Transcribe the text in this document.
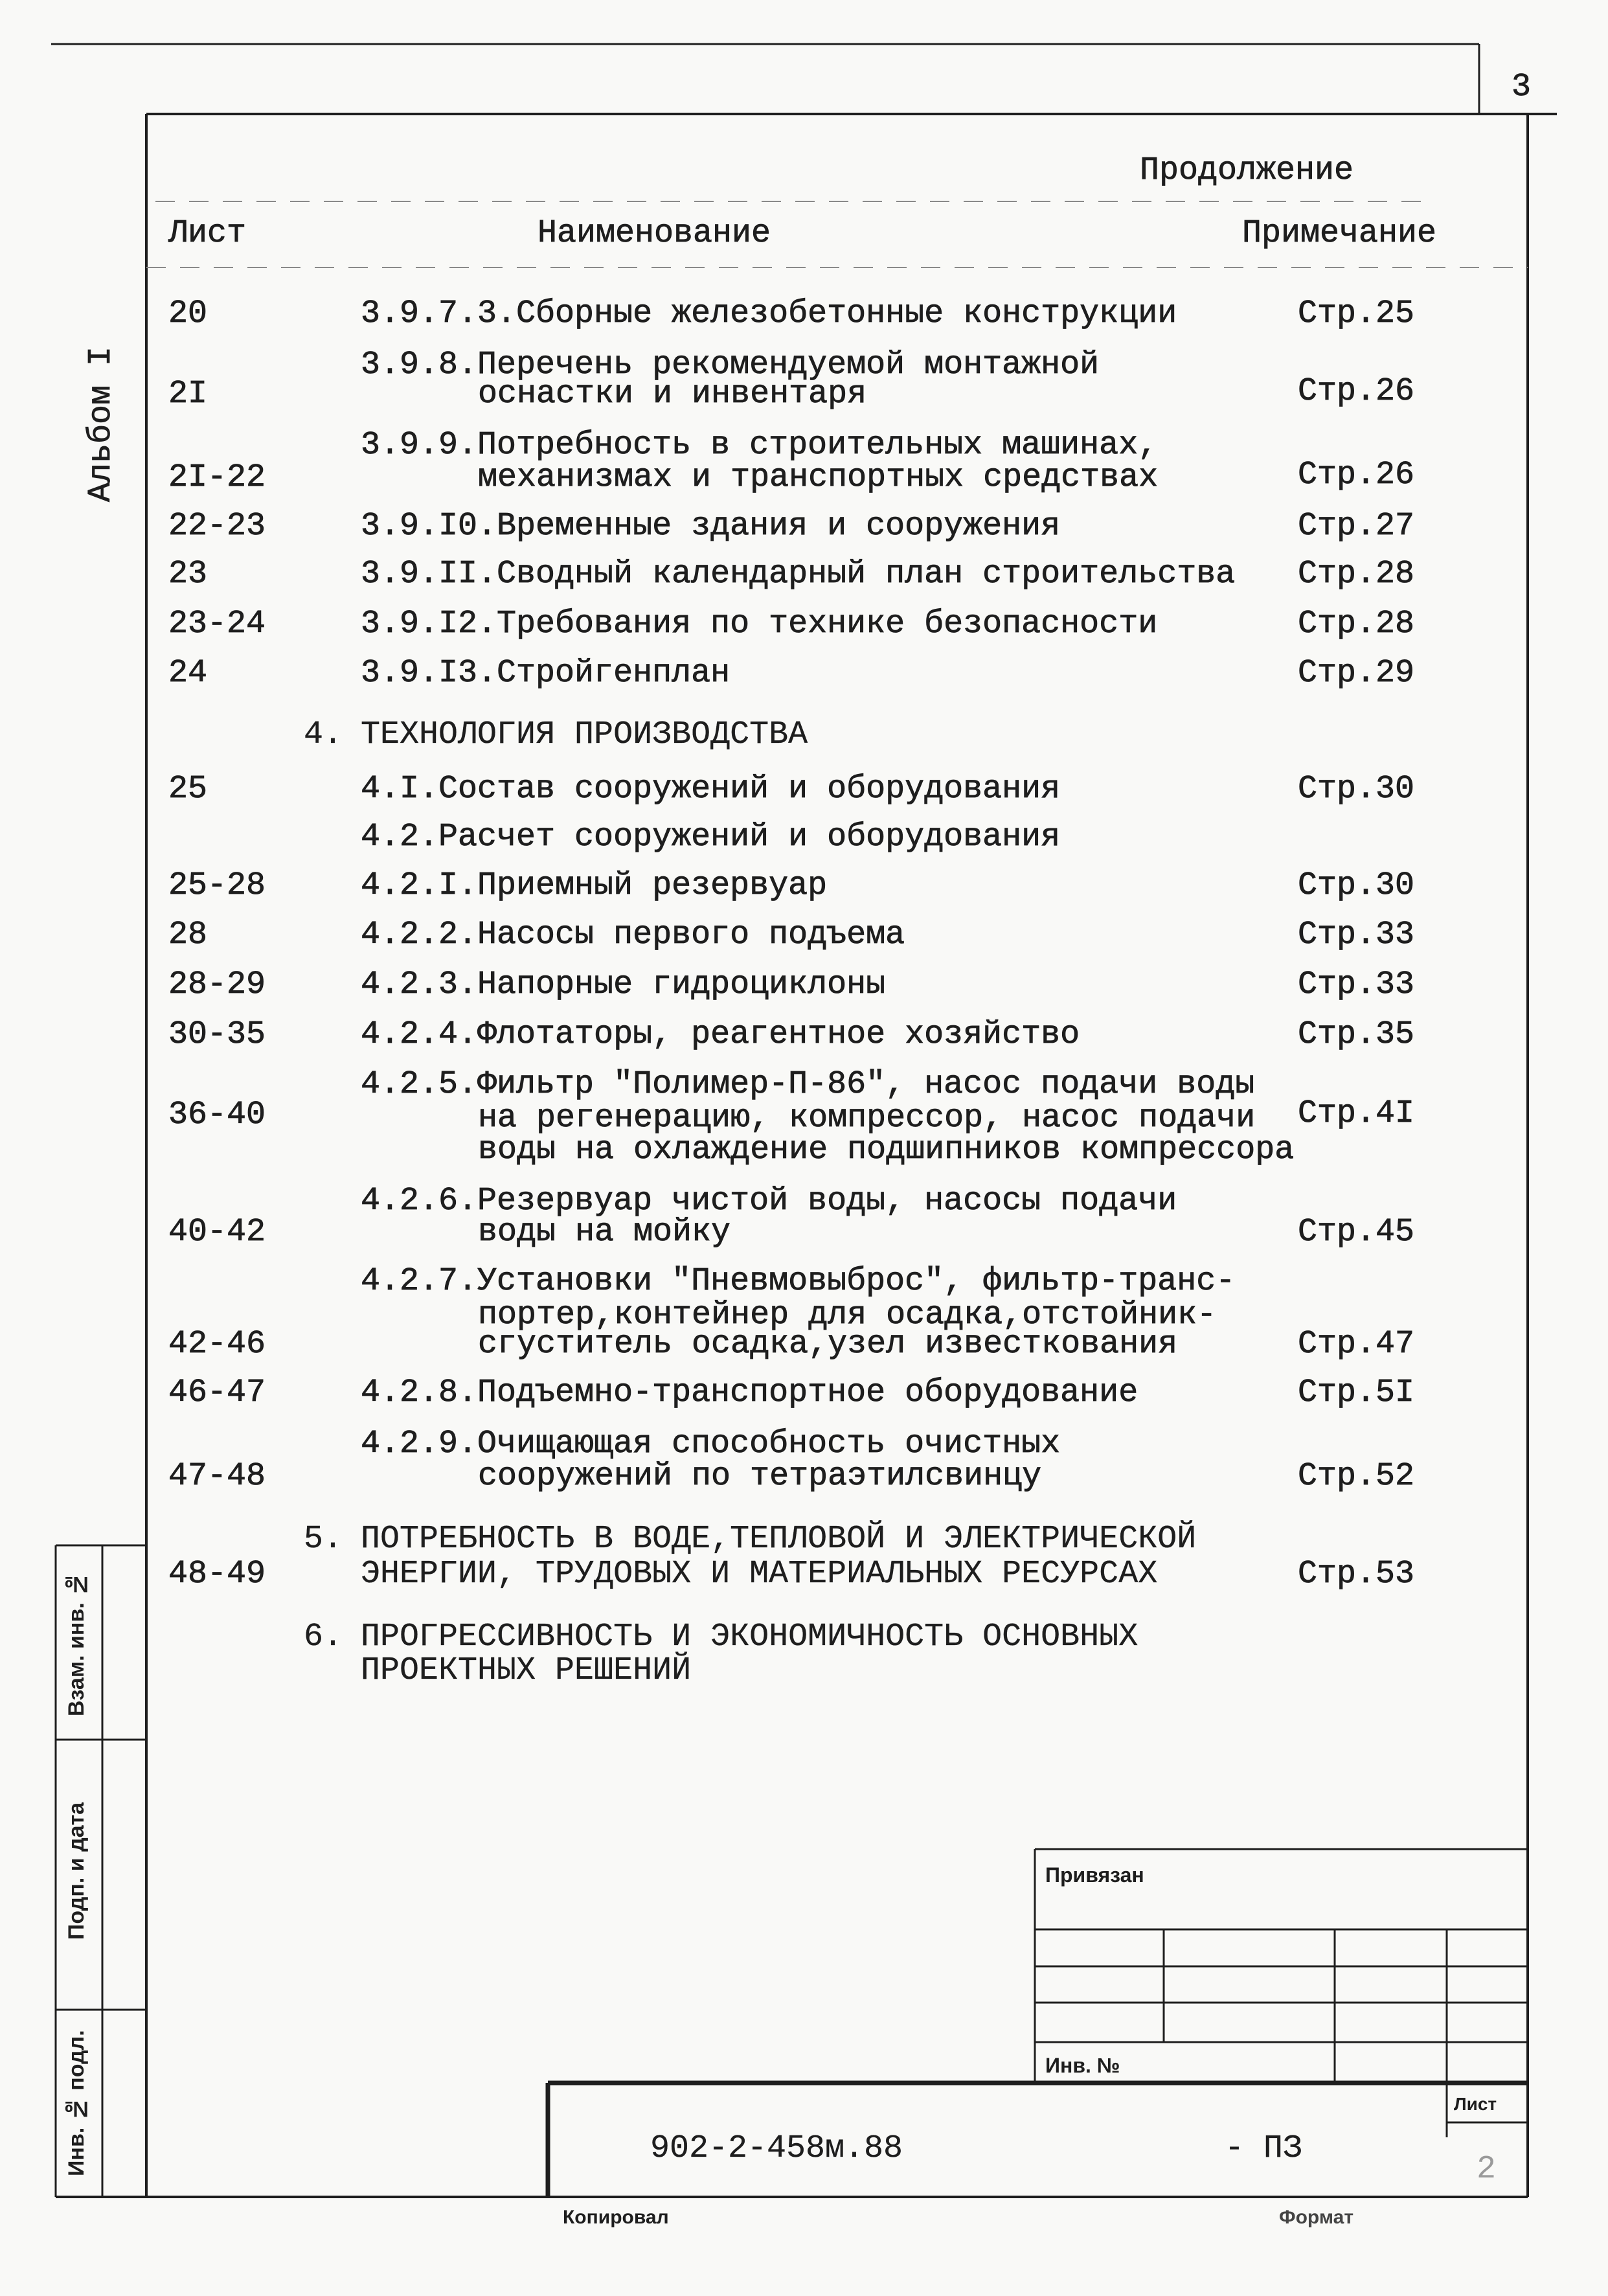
3
Альбом I
Продолжение
Лист	Наименование	Примечание
20	3.9.7.3.Сборные железобетонные конструкции	Стр.25
3.9.8.Перечень рекомендуемой монтажной
оснастки и инвентаря
2I	Стр.26
3.9.9.Потребность в строительных машинах,
механизмах и транспортных средствах
2I-22	Стр.26
22-23	3.9.I0.Временные здания и сооружения	Стр.27
23	3.9.II.Сводный календарный план строительства Стр.28
23-24	3.9.I2.Требования по технике безопасности	Стр.28
24	3.9.I3.Стройгенплан	Стр.29
4. ТЕХНОЛОГИЯ ПРОИЗВОДСТВА
25	4.I.Состав сооружений и оборудования	Стр.30
4.2.Расчет сооружений и оборудования
25-28	4.2.I.Приемный резервуар	Стр.30
28	4.2.2.Насосы первого подъема	Стр.33
28-29	4.2.3.Напорные гидроциклоны	Стр.33
30-35	4.2.4.Флотаторы, реагентное хозяйство	Стр.35
4.2.5.Фильтр "Полимер-П-86", насос подачи воды
на регенерацию, компрессор, насос подачи
воды на охлаждение подшипников компрессора
36-40	Стр.4I
4.2.6.Резервуар чистой воды, насосы подачи
воды на мойку
40-42	Стр.45
4.2.7.Установки "Пневмовыброс", фильтр-транс-
портер,контейнер для осадка,отстойник-
сгуститель осадка,узел известкования
42-46	Стр.47
46-47	4.2.8.Подъемно-транспортное оборудование	Стр.5I
4.2.9.Очищающая способность очистных
сооружений по тетраэтилсвинцу
47-48	Стр.52
5. ПОТРЕБНОСТЬ В ВОДЕ,ТЕПЛОВОЙ И ЭЛЕКТРИЧЕСКОЙ
ЭНЕРГИИ, ТРУДОВЫХ И МАТЕРИАЛЬНЫХ РЕСУРСАХ
48-49	Стр.53
6. ПРОГРЕССИВНОСТЬ И ЭКОНОМИЧНОСТЬ ОСНОВНЫХ
ПРОЕКТНЫХ РЕШЕНИЙ
Взам. инв. №
Подп. и дата
Инв. № подл.
Привязан
Инв. №
902-2-458м.88	- ПЗ
Лист
2
Копировал	Формат
